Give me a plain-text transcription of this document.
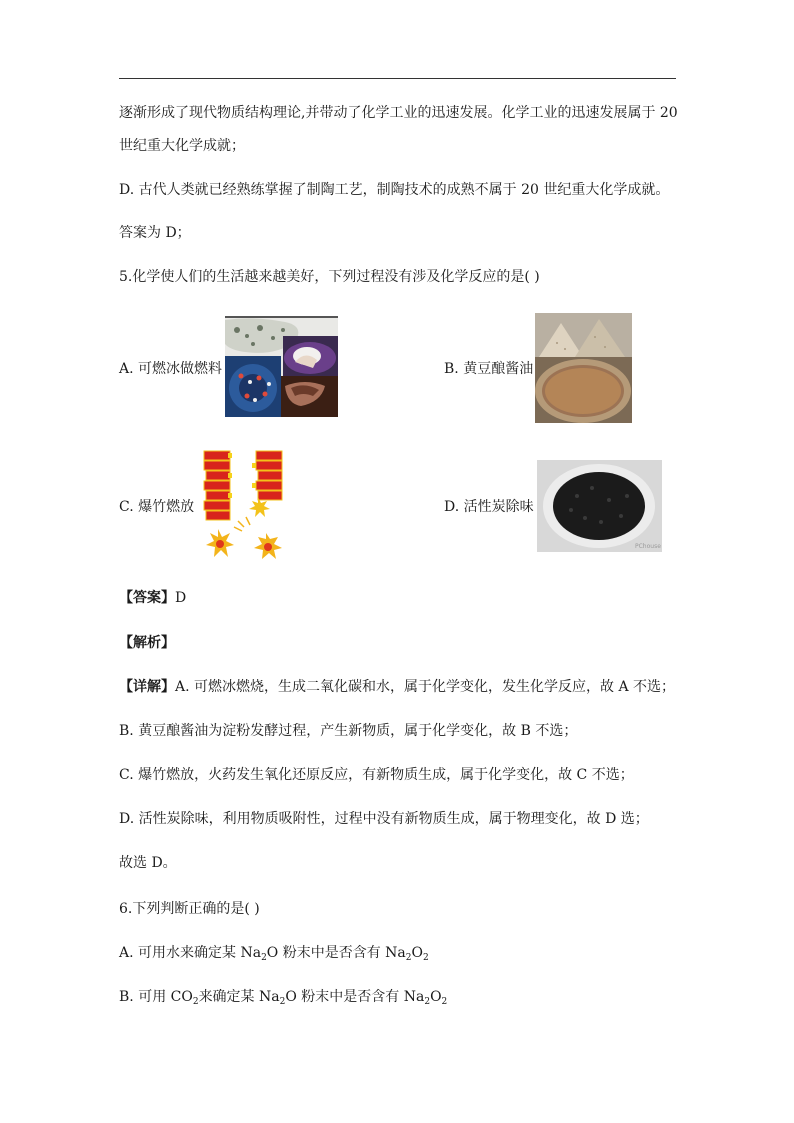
逐渐形成了现代物质结构理论,并带动了化学工业的迅速发展。化学工业的迅速发展属于 20
世纪重大化学成就；
D. 古代人类就已经熟练掌握了制陶工艺，制陶技术的成熟不属于 20 世纪重大化学成就。
答案为 D；
5.化学使人们的生活越来越美好，下列过程没有涉及化学反应的是( )
A. 可燃冰做燃料	B. 黄豆酿酱油
C. 爆竹燃放	D. 活性炭除味
PChouse
【答案】D
【解析】
【详解】A. 可燃冰燃烧，生成二氧化碳和水，属于化学变化，发生化学反应，故 A 不选；
B. 黄豆酿酱油为淀粉发酵过程，产生新物质，属于化学变化，故 B 不选；
C. 爆竹燃放，火药发生氧化还原反应，有新物质生成，属于化学变化，故 C 不选；
D. 活性炭除味，利用物质吸附性，过程中没有新物质生成，属于物理变化，故 D 选；
故选 D。
6.下列判断正确的是( )
A. 可用水来确定某 $Na_2O$ 粉末中是否含有 $Na_2O_2$
B. 可用 $CO_2$来确定某 $Na_2O$ 粉末中是否含有 $Na_2O_2$
